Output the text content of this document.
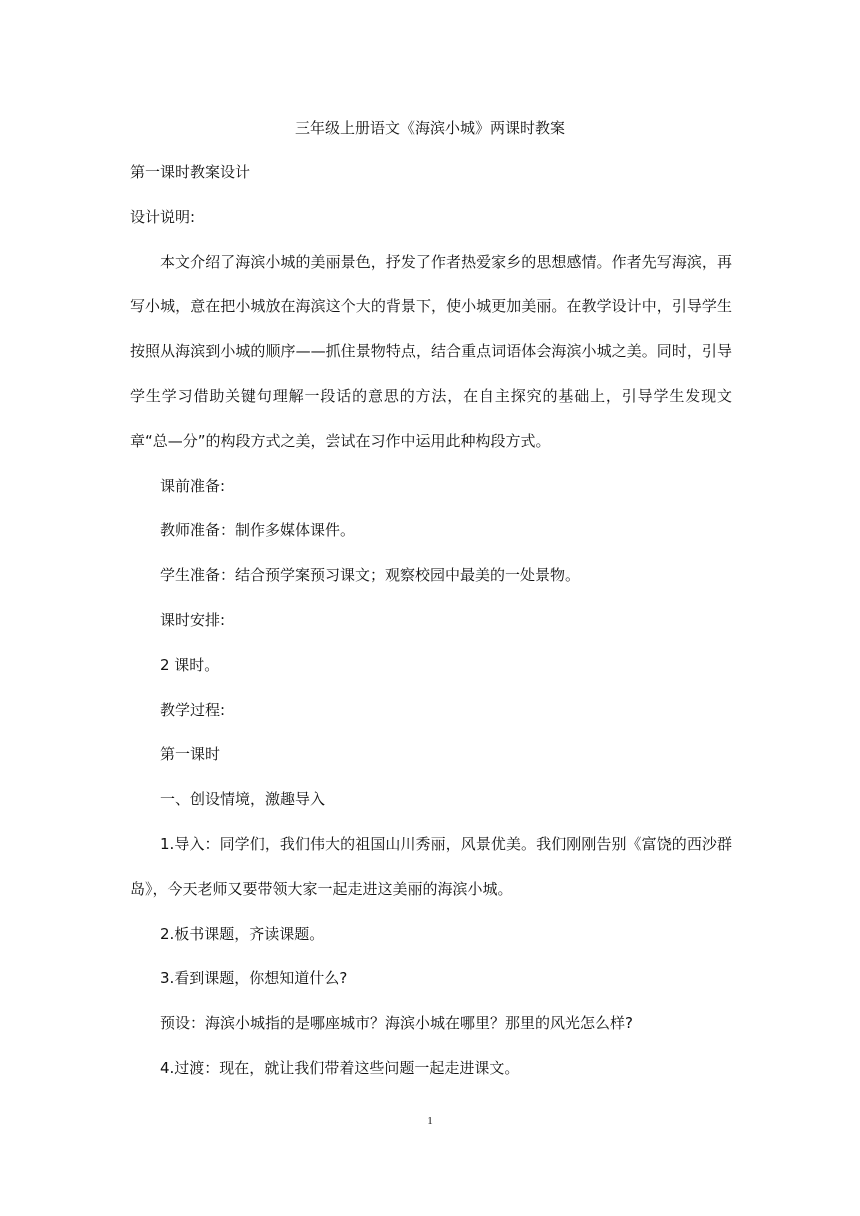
三年级上册语文《海滨小城》两课时教案
第一课时教案设计
设计说明:
本文介绍了海滨小城的美丽景色，抒发了作者热爱家乡的思想感情。作者先写海滨，再写小城，意在把小城放在海滨这个大的背景下，使小城更加美丽。在教学设计中，引导学生按照从海滨到小城的顺序——抓住景物特点，结合重点词语体会海滨小城之美。同时，引导学生学习借助关键句理解一段话的意思的方法，在自主探究的基础上，引导学生发现文章“总—分”的构段方式之美，尝试在习作中运用此种构段方式。
课前准备:
教师准备：制作多媒体课件。
学生准备：结合预学案预习课文；观察校园中最美的一处景物。
课时安排:
2 课时。
教学过程:
第一课时
一、创设情境，激趣导入
1.导入：同学们，我们伟大的祖国山川秀丽，风景优美。我们刚刚告别《富饶的西沙群岛》，今天老师又要带领大家一起走进这美丽的海滨小城。
2.板书课题，齐读课题。
3.看到课题，你想知道什么?
预设：海滨小城指的是哪座城市？海滨小城在哪里？那里的风光怎么样?
4.过渡：现在，就让我们带着这些问题一起走进课文。
1
